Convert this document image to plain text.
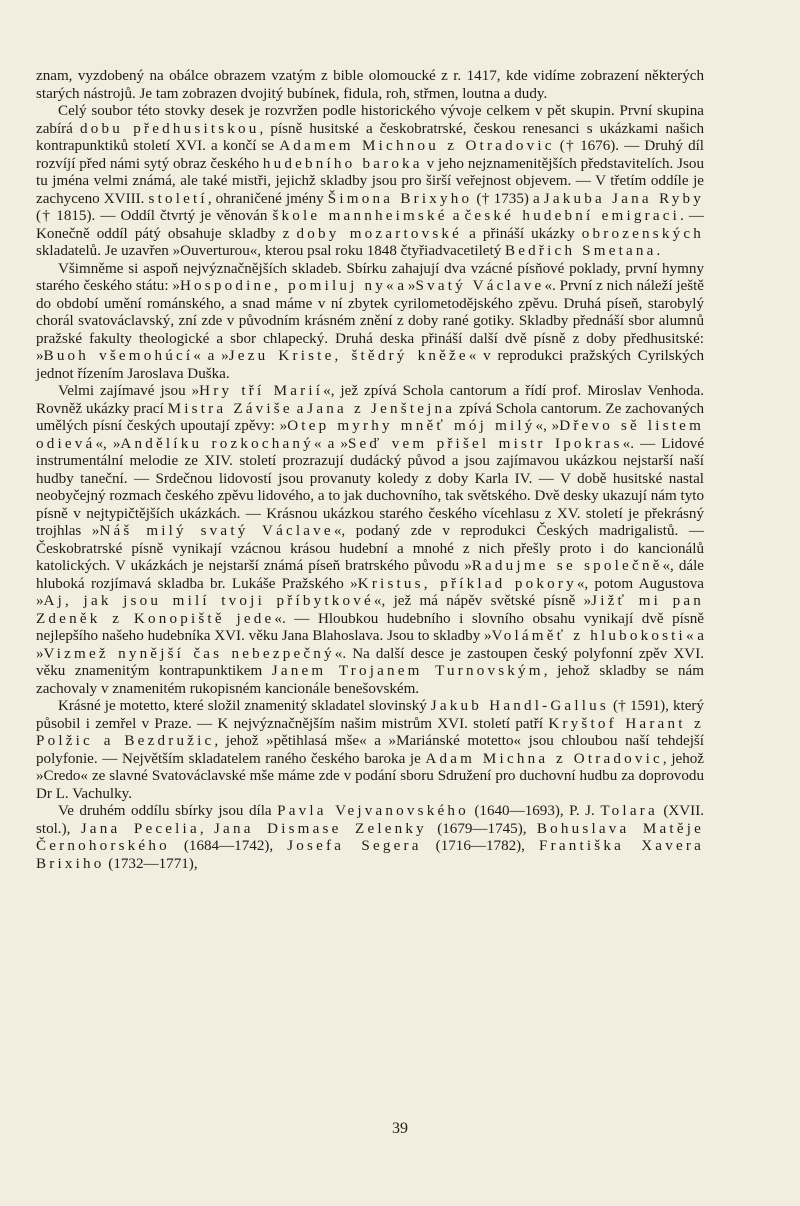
znam, vyzdobený na obálce obrazem vzatým z bible olomoucké z r. 1417, kde vidíme zobrazení některých starých nástrojů. Je tam zobrazen dvojitý bubínek, fidula, roh, střmen, loutna a dudy.

Celý soubor této stovky desek je rozvržen podle historického vývoje celkem v pět skupin. První skupina zabírá dobu předhusitskou, písně husitské a českobratrské, českou renesanci s ukázkami našich kontrapunktiků století XVI. a končí se Adamem Michnou z Otradovic († 1676). — Druhý díl rozvíjí před námi sytý obraz českého hudebního baroka v jeho nejznamenitějších představitelích. Jsou tu jména velmi známá, ale také mistři, jejichž skladby jsou pro širší veřejnost objevem. — V třetím oddíle je zachyceno XVIII. století, ohraničené jmény Šimona Brixyho († 1735) a Jakuba Jana Ryby († 1815). — Oddíl čtvrtý je věnován škole mannheimské a české hudební emigraci. — Konečně oddíl pátý obsahuje skladby z doby mozartovské a přináší ukázky obrozenských skladatelů. Je uzavřen »Ouverturou«, kterou psal roku 1848 čtyřiadvacetiletý Bedřich Smetana.

Všimněme si aspoň nejvýznačnějších skladeb. Sbírku zahajují dva vzácné písňové poklady, první hymny starého českého státu: »Hospodine, pomiluj ny« a »Svatý Václave«. První z nich náleží ještě do období umění románského, a snad máme v ní zbytek cyrilometodějského zpěvu. Druhá píseň, starobylý chorál svatováclavský, zní zde v původním krásném znění z doby rané gotiky. Skladby přednáší sbor alumnů pražské fakulty theologické a sbor chlapecký. Druhá deska přináší další dvě písně z doby předhusitské: »Buoh všemohúcí« a »Jezu Kriste, štědrý kněže« v reprodukci pražských Cyrilských jednot řízením Jaroslava Duška.

Velmi zajímavé jsou »Hry tří Marií«, jež zpívá Schola cantorum a řídí prof. Miroslav Venhoda. Rovněž ukázky prací Mistra Záviše a Jana z Jenštejna zpívá Schola cantorum. Ze zachovaných umělých písní českých upoutají zpěvy: »Otep myrhy mněť mój milý«, »Dřevo sě listem odievá«, »Andělíku rozkochaný« a »Seď vem přišel mistr Ipokras«. — Lidové instrumentální melodie ze XIV. století prozrazují dudácký původ a jsou zajímavou ukázkou nejstarší naší hudby taneční. — Srdečnou lidovostí jsou provanuty koledy z doby Karla IV. — V době husitské nastal neobyčejný rozmach českého zpěvu lidového, a to jak duchovního, tak světského. Dvě desky ukazují nám tyto písně v nejtypičtějších ukázkách. — Krásnou ukázkou starého českého vícehlasu z XV. století je překrásný trojhlas »Náš milý svatý Václave«, podaný zde v reprodukci Českých madrigalistů. — Českobratrské písně vynikají vzácnou krásou hudební a mnohé z nich přešly proto i do kancionálů katolických. V ukázkách je nejstarší známá píseň bratrského původu »Radujme se společně«, dále hluboká rozjímavá skladba br. Lukáše Pražského »Kristus, příklad pokory«, potom Augustova »Aj, jak jsou milí tvoji příbytkové«, jež má nápěv světské písně »Jižť mi pan Zdeněk z Konopiště jede«. — Hloubkou hudebního i slovního obsahu vynikají dvě písně nejlepšího našeho hudebníka XVI. věku Jana Blahoslava. Jsou to skladby »Voláměť z hlubokosti« a »Vizmež nynější čas nebezpečný«. Na další desce je zastoupen český polyfonní zpěv XVI. věku znamenitým kontrapunktikem Janem Trojanem Turnovským, jehož skladby se nám zachovaly v znamenitém rukopisném kancionále benešovském.

Krásné je motetto, které složil znamenitý skladatel slovinský Jakub Handl-Gallus († 1591), který působil i zemřel v Praze. — K nejvýznačnějším našim mistrům XVI. století patří Kryštof Harant z Polžic a Bezdružic, jehož »pětihlasá mše« a »Mariánské motetto« jsou chloubou naší tehdejší polyfonie. — Největším skladatelem raného českého baroka je Adam Michna z Otradovic, jehož »Credo« ze slavné Svatováclavské mše máme zde v podání sboru Sdružení pro duchovní hudbu za doprovodu Dr L. Vachulky.

Ve druhém oddílu sbírky jsou díla Pavla Vejvanovského (1640—1693), P. J. Tolara (XVII. stol.), Jana Pecelia, Jana Dismase Zelenky (1679—1745), Bohuslava Matěje Černohorského (1684—1742), Josefa Segera (1716—1782), Františka Xavera Brixiho (1732—1771),

39
